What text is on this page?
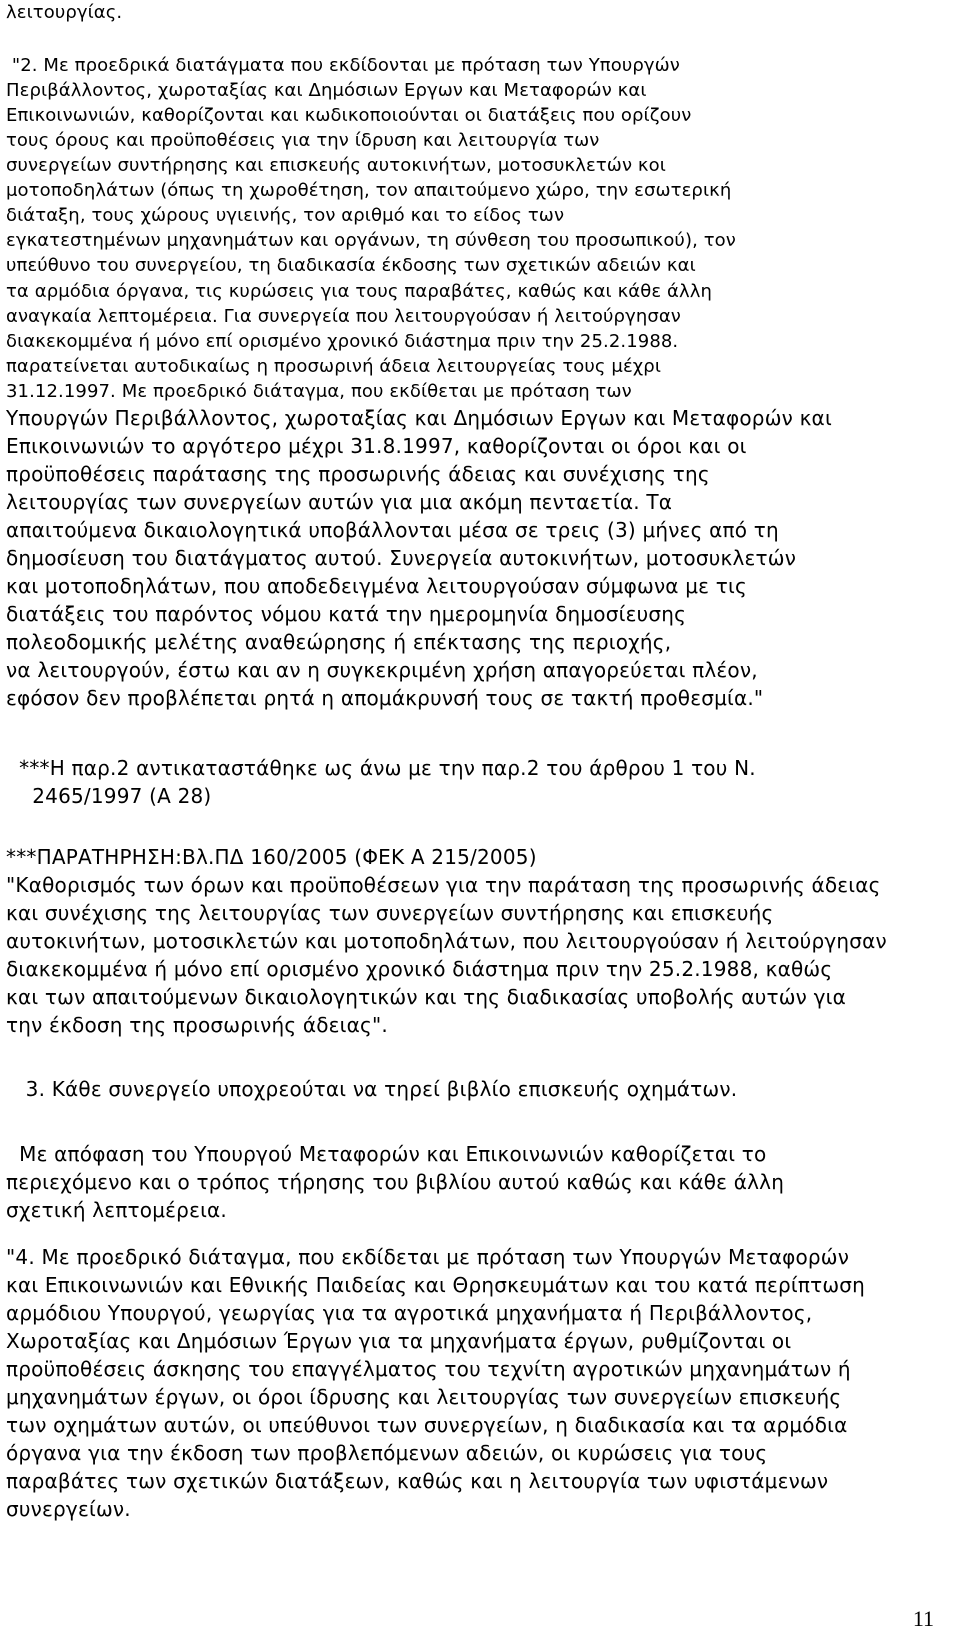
λειτουργίας.
"2. Με προεδρικά διατάγματα που εκδίδονται με πρόταση των Υπουργών
Περιβάλλοντος, χωροταξίας και Δημόσιων Εργων και Μεταφορών και
Επικοινωνιών, καθορίζονται και κωδικοποιούνται οι διατάξεις που ορίζουν
τους όρους και προϋποθέσεις για την ίδρυση και λειτουργία των
συνεργείων συντήρησης και επισκευής αυτοκινήτων, μοτοσυκλετών κοι
μοτοποδηλάτων (όπως τη χωροθέτηση, τον απαιτούμενο χώρο, την εσωτερική
διάταξη, τους χώρους υγιεινής, τον αριθμό και το είδος των
εγκατεστημένων μηχανημάτων και οργάνων, τη σύνθεση του προσωπικού), τον
υπεύθυνο του συνεργείου, τη διαδικασία έκδοσης των σχετικών αδειών και
τα αρμόδια όργανα, τις κυρώσεις για τους παραβάτες, καθώς και κάθε άλλη
αναγκαία λεπτομέρεια. Για συνεργεία που λειτουργούσαν ή λειτούργησαν
διακεκομμένα ή μόνο επί ορισμένο χρονικό διάστημα πριν την 25.2.1988.
παρατείνεται αυτοδικαίως η προσωρινή άδεια λειτουργείας τους μέχρι
31.12.1997. Με προεδρικό διάταγμα, που εκδίθεται με πρόταση των
Υπουργών Περιβάλλοντος, χωροταξίας και Δημόσιων Εργων και Μεταφορών και
Επικοινωνιών το αργότερο μέχρι 31.8.1997, καθορίζονται οι όροι και οι
προϋποθέσεις παράτασης της προσωρινής άδειας και συνέχισης της
λειτουργίας των συνεργείων αυτών για μια ακόμη πενταετία. Τα
απαιτούμενα δικαιολογητικά υποβάλλονται μέσα σε τρεις (3) μήνες από τη
δημοσίευση του διατάγματος αυτού. Συνεργεία αυτοκινήτων, μοτοσυκλετών
και μοτοποδηλάτων, που αποδεδειγμένα λειτουργούσαν σύμφωνα με τις
διατάξεις του παρόντος νόμου κατά την ημερομηνία δημοσίευσης
πολεοδομικής μελέτης αναθεώρησης ή επέκτασης της περιοχής,
να λειτουργούν, έστω και αν η συγκεκριμένη χρήση απαγορεύεται πλέον,
εφόσον δεν προβλέπεται ρητά η απομάκρυνσή τους σε τακτή προθεσμία."
***Η παρ.2 αντικαταστάθηκε ως άνω με την παρ.2 του άρθρου 1 του Ν.
2465/1997 (Α 28)
***ΠΑΡΑΤΗΡΗΣΗ:Βλ.ΠΔ 160/2005 (ΦΕΚ Α 215/2005)
"Καθορισμός των όρων και προϋποθέσεων για την παράταση της προσωρινής άδειας
και συνέχισης της λειτουργίας των συνεργείων συντήρησης και επισκευής
αυτοκινήτων, μοτοσικλετών και μοτοποδηλάτων, που λειτουργούσαν ή λειτούργησαν
διακεκομμένα ή μόνο επί ορισμένο χρονικό διάστημα πριν την 25.2.1988, καθώς
και των απαιτούμενων δικαιολογητικών και της διαδικασίας υποβολής αυτών για
την έκδοση της προσωρινής άδειας".
3. Κάθε συνεργείο υποχρεούται να τηρεί βιβλίο επισκευής οχημάτων.
Με απόφαση του Υπουργού Μεταφορών και Επικοινωνιών καθορίζεται το
περιεχόμενο και ο τρόπος τήρησης του βιβλίου αυτού καθώς και κάθε άλλη
σχετική λεπτομέρεια.
"4. Με προεδρικό διάταγμα, που εκδίδεται με πρόταση των Υπουργών Μεταφορών
και Επικοινωνιών και Εθνικής Παιδείας και Θρησκευμάτων και του κατά περίπτωση
αρμόδιου Υπουργού, γεωργίας για τα αγροτικά μηχανήματα ή Περιβάλλοντος,
Χωροταξίας και Δημόσιων Έργων για τα μηχανήματα έργων, ρυθμίζονται οι
προϋποθέσεις άσκησης του επαγγέλματος του τεχνίτη αγροτικών μηχανημάτων ή
μηχανημάτων έργων, οι όροι ίδρυσης και λειτουργίας των συνεργείων επισκευής
των οχημάτων αυτών, οι υπεύθυνοι των συνεργείων, η διαδικασία και τα αρμόδια
όργανα για την έκδοση των προβλεπόμενων αδειών, οι κυρώσεις για τους
παραβάτες των σχετικών διατάξεων, καθώς και η λειτουργία των υφιστάμενων
συνεργείων.
11
